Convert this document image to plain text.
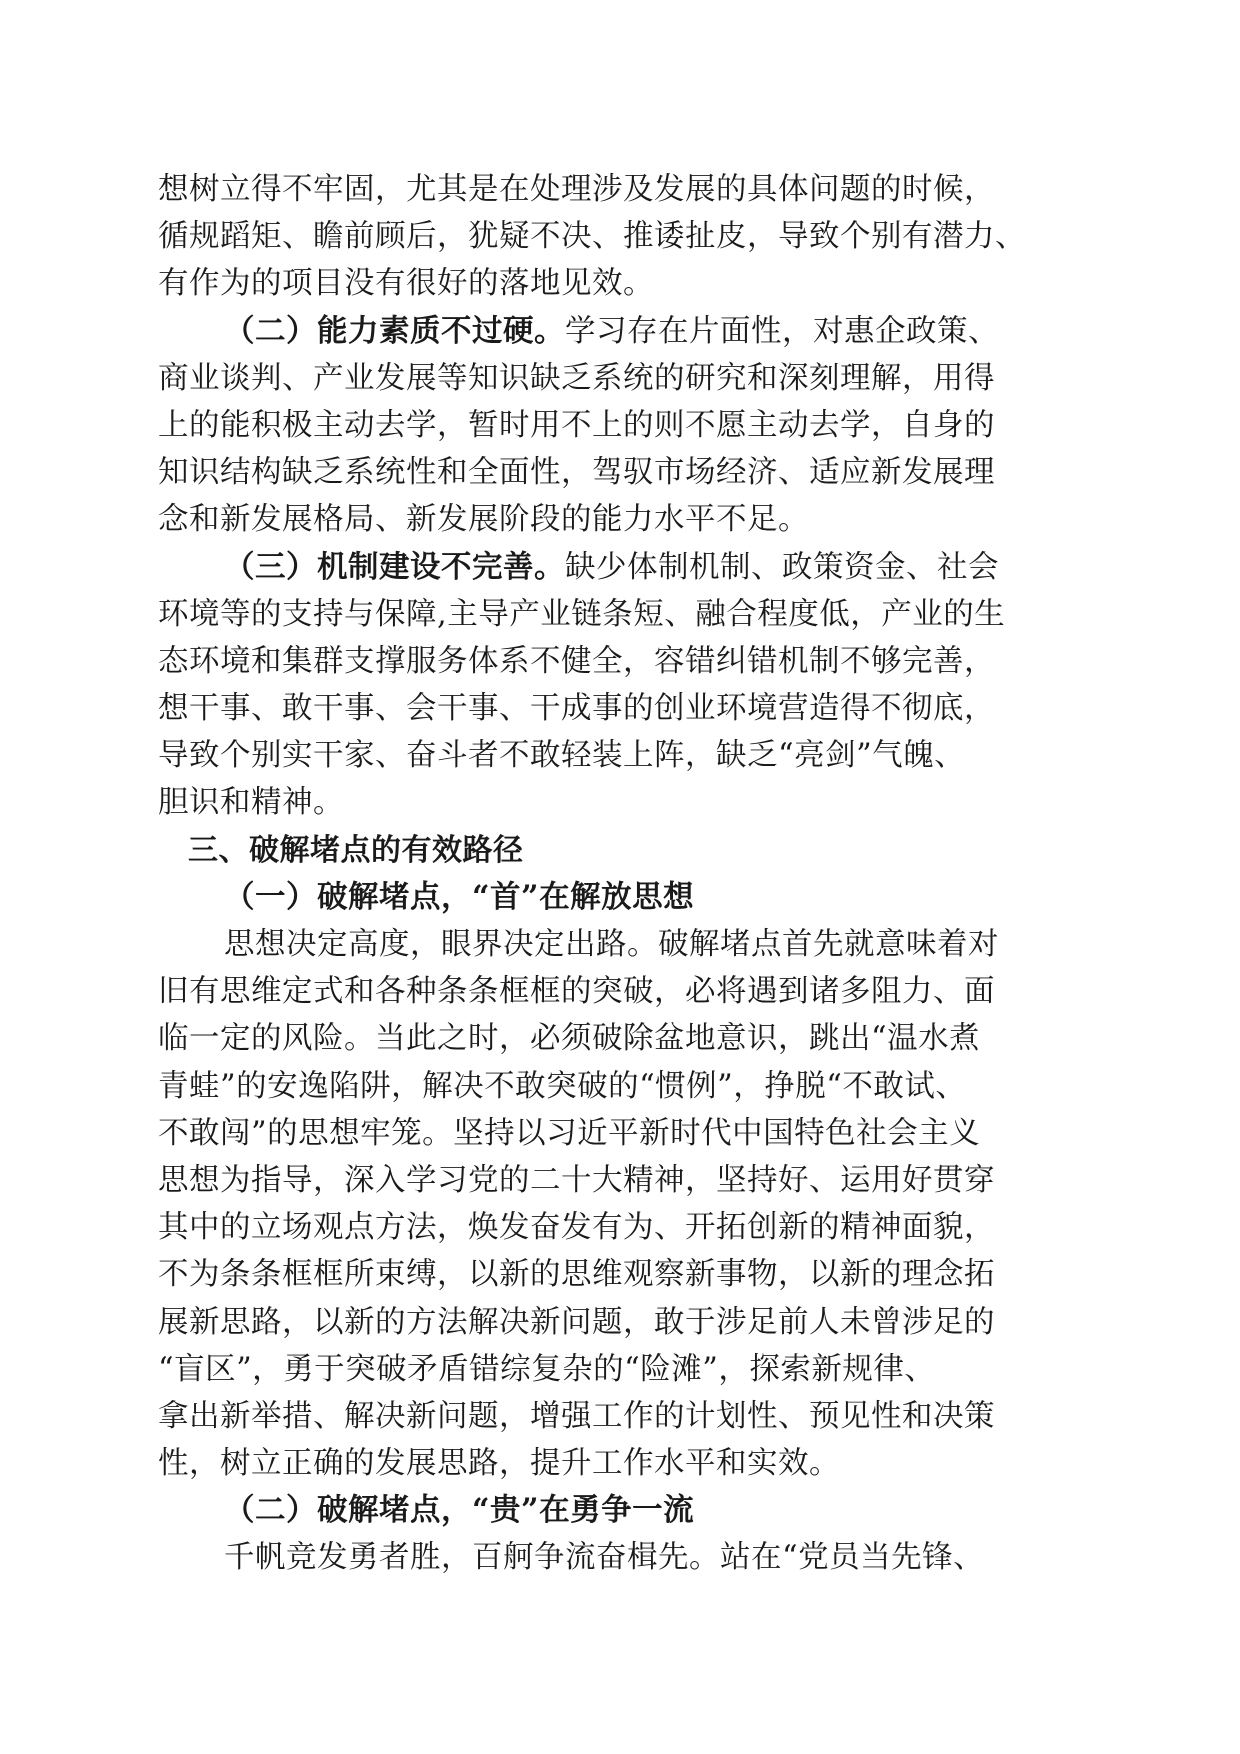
想树立得不牢固，尤其是在处理涉及发展的具体问题的时候，
循规蹈矩、瞻前顾后，犹疑不决、推诿扯皮，导致个别有潜力、
有作为的项目没有很好的落地见效。
（二）能力素质不过硬。学习存在片面性，对惠企政策、
商业谈判、产业发展等知识缺乏系统的研究和深刻理解，用得
上的能积极主动去学，暂时用不上的则不愿主动去学，自身的
知识结构缺乏系统性和全面性，驾驭市场经济、适应新发展理
念和新发展格局、新发展阶段的能力水平不足。
（三）机制建设不完善。缺少体制机制、政策资金、社会
环境等的支持与保障,主导产业链条短、融合程度低，产业的生
态环境和集群支撑服务体系不健全，容错纠错机制不够完善，
想干事、敢干事、会干事、干成事的创业环境营造得不彻底，
导致个别实干家、奋斗者不敢轻装上阵，缺乏“亮剑”气魄、
胆识和精神。
三、破解堵点的有效路径
（一）破解堵点，“首”在解放思想
思想决定高度，眼界决定出路。破解堵点首先就意味着对
旧有思维定式和各种条条框框的突破，必将遇到诸多阻力、面
临一定的风险。当此之时，必须破除盆地意识，跳出“温水煮
青蛙”的安逸陷阱，解决不敢突破的“惯例”，挣脱“不敢试、
不敢闯”的思想牢笼。坚持以习近平新时代中国特色社会主义
思想为指导，深入学习党的二十大精神，坚持好、运用好贯穿
其中的立场观点方法，焕发奋发有为、开拓创新的精神面貌，
不为条条框框所束缚，以新的思维观察新事物，以新的理念拓
展新思路，以新的方法解决新问题，敢于涉足前人未曾涉足的
“盲区”，勇于突破矛盾错综复杂的“险滩”，探索新规律、
拿出新举措、解决新问题，增强工作的计划性、预见性和决策
性，树立正确的发展思路，提升工作水平和实效。
（二）破解堵点，“贵”在勇争一流
千帆竞发勇者胜，百舸争流奋楫先。站在“党员当先锋、
